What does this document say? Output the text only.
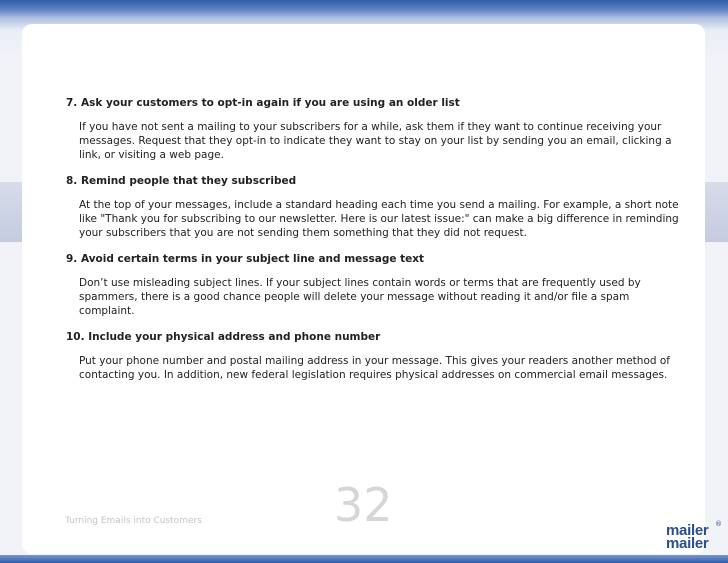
7. Ask your customers to opt-in again if you are using an older list
If you have not sent a mailing to your subscribers for a while, ask them if they want to continue receiving your messages. Request that they opt-in to indicate they want to stay on your list by sending you an email, clicking a link, or visiting a web page.
8. Remind people that they subscribed
At the top of your messages, include a standard heading each time you send a mailing. For example, a short note like "Thank you for subscribing to our newsletter. Here is our latest issue:" can make a big difference in reminding your subscribers that you are not sending them something that they did not request.
9. Avoid certain terms in your subject line and message text
Don’t use misleading subject lines. If your subject lines contain words or terms that are frequently used by spammers, there is a good chance people will delete your message without reading it and/or file a spam complaint.
10. Include your physical address and phone number
Put your phone number and postal mailing address in your message. This gives your readers another method of contacting you. In addition, new federal legislation requires physical addresses on commercial email messages.
Turning Emails into Customers	32	mailer
mailer
®
